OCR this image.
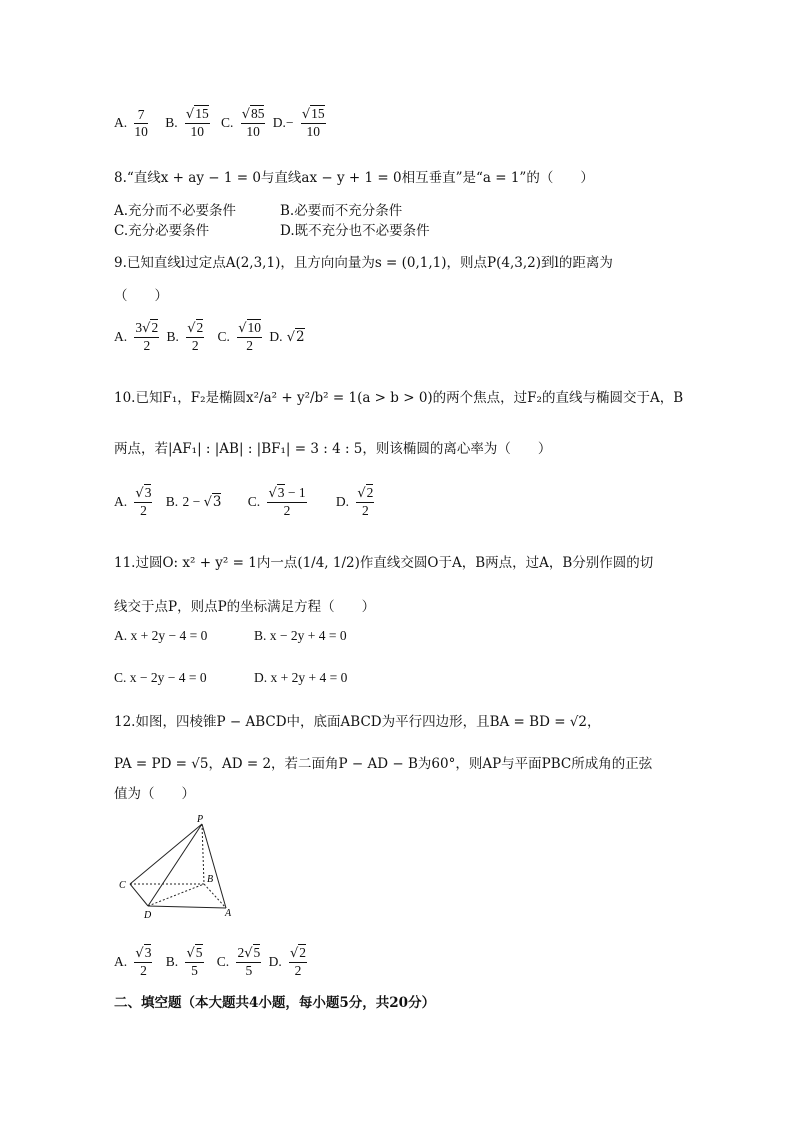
A. $\frac{7}{10} B$. $\frac{√15}{10} C$. $\frac{√85}{10} D.- \frac{√15}{10}$
8.“直线x + ay − 1 = 0与直线ax − y + 1 = 0相互垂直”是“a = 1”的（　　）
A.充分而不必要条件	B.必要而不充分条件
C.充分必要条件	D.既不充分也不必要条件
9.已知直线l过定点A(2,3,1)，且方向向量为s = (0,1,1)，则点P(4,3,2)到l的距离为
（　　）
A. $\frac{3√2}{2} B$. $\frac{√2}{2} C$. $\frac{√10}{2} D$. √2
10.已知F₁，F₂是椭圆x²/a² + y²/b² = 1(a > b > 0)的两个焦点，过F₂的直线与椭圆交于A，B
两点，若|AF₁| : |AB| : |BF₁| = 3 : 4 : 5，则该椭圆的离心率为（　　）
A. $\frac{√3}{2} B$. 2 − √3 C. $\frac{√3 - 1}{2} D$. $\frac{√2}{2}$
11.过圆O: x² + y² = 1内一点(1/4, 1/2)作直线交圆O于A，B两点，过A，B分别作圆的切
线交于点P，则点P的坐标满足方程（　　）
A. x + 2y − 4 = 0	B. x − 2y + 4 = 0
C. x − 2y − 4 = 0	D. x + 2y + 4 = 0
12.如图，四棱锥P − ABCD中，底面ABCD为平行四边形，且BA = BD = √2，
PA = PD = √5，AD = 2，若二面角P − AD − B为60°，则AP与平面PBC所成角的正弦
值为（　　）
P
B
C
D	A
A. $\frac{√3}{2} B$. $\frac{√5}{5} C$. $\frac{2√5}{5} D$. $\frac{√2}{2}$
二、填空题（本大题共4小题，每小题5分，共20分）
